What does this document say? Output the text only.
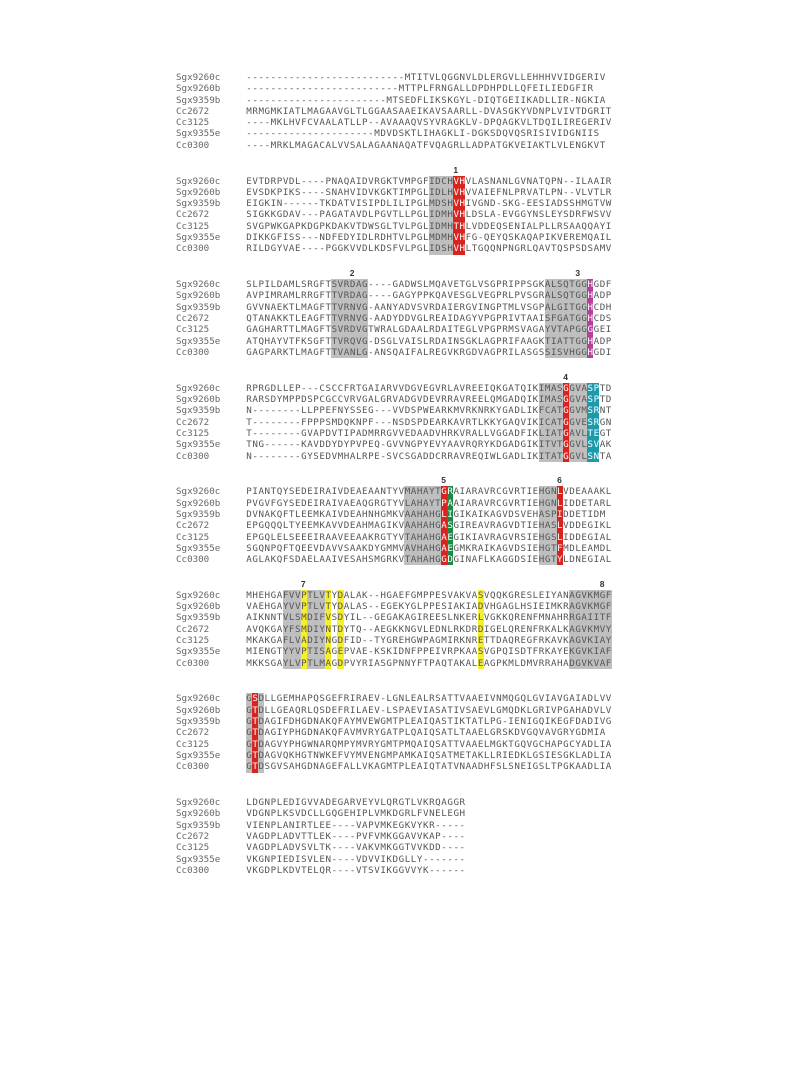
Sgx9260c	- - - - - - - - - - - - - - - - - - - - - - - - - - M T I T V L Q G G N V L D L E R G V L L E H H H V V I D G E R I V
Sgx9260b	- - - - - - - - - - - - - - - - - - - - - - - - - M T T P L F R N G A L L D P D H P D L L Q F E I L I E D G F I R
Sgx9359b	- - - - - - - - - - - - - - - - - - - - - - - M T S E D F L I K S K G Y L - D I Q T G E I I K A D L L I R - N G K I A
Cc2672	M R M G M K I A T L M A G A A V G L T L G G A A S A A E I K A V S A A R L L - D V A S G K Y V D N P L V I V T D G R I T
Cc3125	- - - - M K L H V F C V A A L A T L L P - - A V A A A Q V S Y V R A G K L V - D P Q A G K V L T D Q I L I R E G E R I V
Sgx9355e	- - - - - - - - - - - - - - - - - - - - - M D V D S K T L I H A G K L I - D G K S D Q V Q S R I S I V I D G N I I S
Cc0300	- - - - M R K L M A G A C A L V V S A L A G A A N A Q A T F V Q A G R L L A D P A T G K V E I A K T L V L E N G K V T
1
Sgx9260c	E V T D R P V D L - - - - P N A Q A I D V R G K T V M P G F I D C H V H V L A S N A N L G V N A T Q P N - - I L A A I R
Sgx9260b	E V S D K P I K S - - - - S N A H V I D V K G K T I M P G L I D L H V H V V A I E F N L P R V A T L P N - - V L V T L R
Sgx9359b	E I G K I N - - - - - - T K D A T V I S I P D L I L I P G L M D S H V H I V G N D - S K G - E E S I A D S S H M G T V W
Cc2672	S I G K K G D A V - - - P A G A T A V D L P G V T L L P G L I D M H V H L D S L A - E V G G Y N S L E Y S D R F W S V V
Cc3125	S V G P W K G A P K D G P K D A K V T D W S G L T V L P G L I D M H T H L V D D E Q S E N I A L P L L R S A A Q Q A Y I
Sgx9355e	D I K K G F I S S - - - N D F E D Y I D L R D H T V L P G L M D M H V H F G - Q E Y Q S K A Q A P I K V E R E M Q A I L
Cc0300	R I L D G Y V A E - - - - P G G K V V D L K D S F V L P G L I D S H V H L T G Q Q N P N G R L Q A V T Q S P S D S A M V
2	3
Sgx9260c	S L P I L D A M L S R G F T S V R D A G - - - - G A D W S L M Q A V E T G L V S G P R I P P S G K A L S Q T G G H G D F
Sgx9260b	A V P I M R A M L R R G F T T V R D A G - - - - G A G Y P P K Q A V E S G L V E G P R L P V S G R A L S Q T G G H A D P
Sgx9359b	G V V N A E K T L M A G F T T V R N V G - A A N Y A D V S V R D A I E R G V I N G P T M L V S G P A L G I T G G H C D H
Cc2672	Q T A N A K K T L E A G F T T V R N V G - A A D Y D D V G L R E A I D A G Y V P G P R I V T A A I S F G A T G G H C D S
Cc3125	G A G H A R T T L M A G F T S V R D V G T W R A L G D A A L R D A I T E G L V P G P R M S V A G A Y V T A P G G G G E I
Sgx9355e	A T Q H A Y V T F K S G F T T V R Q V G - D S G L V A I S L R D A I N S G K L A G P R I F A A G K T I A T T G G H A D P
Cc0300	G A G P A R K T L M A G F T T V A N L G - A N S Q A I F A L R E G V K R G D V A G P R I L A S G S S I S V H G G H G D I
4
Sgx9260c	R P R G D L L E P - - - C S C C F R T G A I A R V V D G V E G V R L A V R E E I Q K G A T Q I K I M A S G G V A S P T D
Sgx9260b	R A R S D Y M P P D S P C G C C V R V G A L G R V A D G V D E V R R A V R E E L Q M G A D Q I K I M A S G G V A S P T D
Sgx9359b	N - - - - - - - - L L P P E F N Y S S E G - - - V V D S P W E A R K M V R K N R K Y G A D L I K F C A T G G V M S R N T
Cc2672	T - - - - - - - - F P P P S M D Q K N P F - - - N S D S P D E A R K A V R T L K K Y G A Q V I K I C A T G G V E S R G N
Cc3125	T - - - - - - - - G V A P D V T I P A D M R R G V V E D A A D V H R K V R A L L V G G A D F I K L I A T G A V L T E G T
Sgx9355e	T N G - - - - - - K A V D D Y D Y P V P E Q - G V V N G P Y E V Y A A V R Q R Y K D G A D G I K I T V T G G V L S V A K
Cc0300	N - - - - - - - - G Y S E D V M H A L R P E - S V C S G A D D C R R A V R E Q I W L G A D L I K I T A T G G V L S N T A
5	6
Sgx9260c	P I A N T Q Y S E D E I R A I V D E A E A A N T Y V M A H A Y T G R A I A R A V R C G V R T I E H G N L V D E A A A K L
Sgx9260b	P V G V F G Y S E D E I R A I V A E A Q G R G T Y V L A H A Y T P A A I A R A V R C G V R T I E H G N L I D D E T A R L
Sgx9359b	D V N A K Q F T L E E M K A I V D E A H N H G M K V A A H A H G L I G I K A I K A G V D S V E H A S P I D D E T I D M
Cc2672	E P G Q Q Q L T Y E E M K A V V D E A H M A G I K V A A H A H G A S G I R E A V R A G V D T I E H A S L V D D E G I K L
Cc3125	E P G Q L E L S E E E I R A A V E E A A K R G T Y V T A H A H G A E G I K I A V R A G V R S I E H G S L I D D E G I A L
Sgx9355e	S G Q N P Q F T Q E E V D A V V S A A K D Y G M M V A V H A H G A E G M K R A I K A G V D S I E H G T F M D L E A M D L
Cc0300	A G L A K Q F S D A E L A A I V E S A H S M G R K V T A H A H G G D G I N A F L K A G G D S I E H G T Y L D N E G I A L
7	8
Sgx9260c	M H E H G A F V V P T L V T Y D A L A K - - H G A E F G M P P E S V A K V A S V Q Q K G R E S L E I Y A N A G V K M G F
Sgx9260b	V A E H G A Y V V P T L V T Y D A L A S - - E G E K Y G L P P E S I A K I A D V H G A G L H S I E I M K R A G V K M G F
Sgx9359b	A I K N N T V L S M D I F V S D Y I L - - G E G A K A G I R E E S L N K E R L V G K K Q R E N F M N A H R R G A I I T F
Cc2672	A V Q K G A Y F S M D I Y N T D Y T Q - - A E G K K N G V L E D N L R K D R D I G E L Q R E N F R K A L K A G V K M V Y
Cc3125	M K A K G A F L V A D I Y N G D F I D - - T Y G R E H G W P A G M I R K N R E T T D A Q R E G F R K A V K A G V K I A Y
Sgx9355e	M I E N G T Y Y V P T I S A G E P V A E - K S K I D N F P P E I V R P K A A S V G P Q I S D T F R K A Y E K G V K I A F
Cc0300	M K K S G A Y L V P T L M A G D P V Y R I A S G P N N Y F T P A Q T A K A L E A G P K M L D M V R R A H A D G V K V A F
Sgx9260c	G S D L L G E M H A P Q S G E F R I R A E V - L G N L E A L R S A T T V A A E I V N M Q G Q L G V I A V G A I A D L V V
Sgx9260b	G T D L L G E A Q R L Q S D E F R I L A E V - L S P A E V I A S A T I V S A E V L G M Q D K L G R I V P G A H A D V L V
Sgx9359b	G T D A G I F D H G D N A K Q F A Y M V E W G M T P L E A I Q A S T I K T A T L P G - I E N I G Q I K E G F D A D I V G
Cc2672	G T D A G I Y P H G D N A K Q F A V M V R Y G A T P L Q A I Q S A T L T A A E L G R S K D V G Q V A V G R Y G D M I A
Cc3125	G T D A G V Y P H G W N A R Q M P Y M V R Y G M T P M Q A I Q S A T T V A A E L M G K T G Q V G C H A P G C Y A D L I A
Sgx9355e	G T D A G V Q K H G T N W K E F V Y M V E N G M P A M K A I Q S A T M E T A K L L R I E D K L G S I E S G K L A D L I A
Cc0300	G T D S G V S A H G D N A G E F A L L V K A G M T P L E A I Q T A T V N A A D H F S L S N E I G S L T P G K A A D L I A
Sgx9260c	L D G N P L E D I G V V A D E G A R V E Y V L Q R G T L V K R Q A G G R
Sgx9260b	V D G N P L K S V D C L L G Q G E H I P L V M K D G R L F V N E L E G H
Sgx9359b	V I E N P L A N I R T L E E - - - - V A P V M K E G K V Y K R - - - - -
Cc2672	V A G D P L A D V T T L E K - - - - P V F V M K G G A V V K A P - - - -
Cc3125	V A G D P L A D V S V L T K - - - - V A K V M K G G T V V K D D - - - -
Sgx9355e	V K G N P I E D I S V L E N - - - - V D V V I K D G L L Y - - - - - - -
Cc0300	V K G D P L K D V T E L Q R - - - - V T S V I K G G V V Y K - - - - - -
